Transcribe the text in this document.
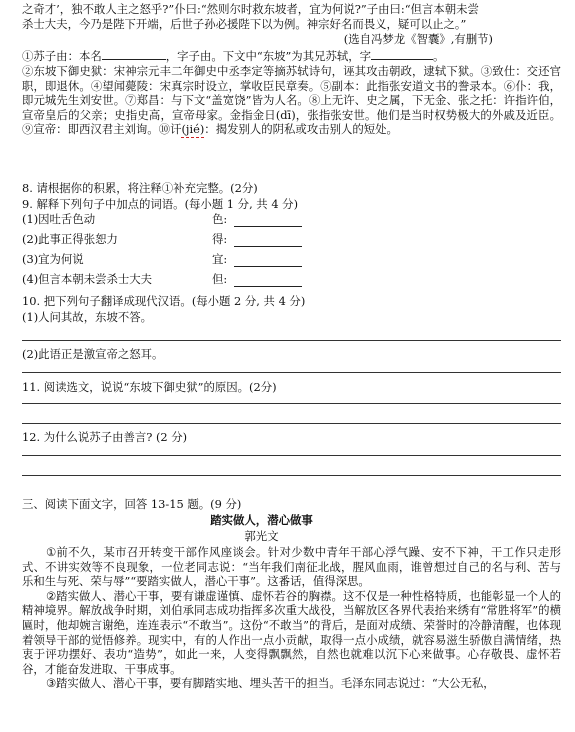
之奇才’，独不敢人主之怒乎?”仆曰:“然则尔时救东坡者，宜为何说?”子由曰:“但言本朝未尝
杀士大夫，今乃是陛下开端，后世子孙必援陛下以为例。神宗好名而畏义，疑可以止之。”
(选自冯梦龙《智囊》,有删节)
①苏子由：本名	，字子由。下文中“东坡”为其兄苏轼，字	。
②东坡下御史狱：宋神宗元丰二年御史中丞李定等摘苏轼诗句，诬其攻击朝政，逮轼下狱。③致仕：交还官职，即退休。④望闻薨陵：宋真宗时设立，掌收臣民章奏。⑤副本：此指张安道文书的誊录本。⑥仆：我，即元城先生刘安世。⑦郑昌：与下文“盖宽饶”皆为人名。⑧上无许、史之属，下无金、张之托：许指许伯，宣帝皇后的父亲；史指史高，宣帝母家。金指金日(dī)，张指张安世。他们是当时权势极大的外戚及近臣。⑨宣帝：即西汉君主刘询。⑩讦(jié)：揭发别人的阴私或攻击别人的短处。
8. 请根据你的积累，将注释①补充完整。(2分)
9. 解释下列句子中加点的词语。(每小题 1 分, 共 4 分)
(1)因吐舌色动	色:
(2)此事正得张恕力	得:
(3)宜为何说	宜:
(4)但言本朝未尝杀士大夫	但:
10. 把下列句子翻译成现代汉语。(每小题 2 分, 共 4 分)
(1)人问其故，东坡不答。
(2)此语正是激宣帝之怒耳。
11. 阅读选文，说说“东坡下御史狱”的原因。(2分)
12. 为什么说苏子由善言? (2 分)
三、阅读下面文字，回答 13-15 题。(9 分)
踏实做人，潜心做事
郭光文
①前不久，某市召开转变干部作风座谈会。针对少数中青年干部心浮气躁、安不下神，干工作只走形式、不讲实效等不良现象，一位老同志说：“当年我们南征北战，腥风血雨，谁曾想过自己的名与利、苦与乐和生与死、荣与辱”“要踏实做人，潜心干事”。这番话，值得深思。
②踏实做人、潜心干事，要有谦虚谨慎、虚怀若谷的胸襟。这不仅是一种性格特质，也能彰显一个人的精神境界。解放战争时期，刘伯承同志成功指挥多次重大战役，当解放区各界代表抬来绣有“常胜将军”的横匾时，他却婉言谢绝，连连表示“不敢当”。这份“不敢当”的背后，是面对成绩、荣誉时的冷静清醒，也体现着领导干部的觉悟修养。现实中，有的人作出一点小贡献，取得一点小成绩，就容易滋生骄傲自满情绪，热衷于评功摆好、表功“造势”，如此一来，人变得飘飘然，自然也就难以沉下心来做事。心存敬畏、虚怀若谷，才能奋发进取、干事成事。
③踏实做人、潜心干事，要有脚踏实地、埋头苦干的担当。毛泽东同志说过：“大公无私，
